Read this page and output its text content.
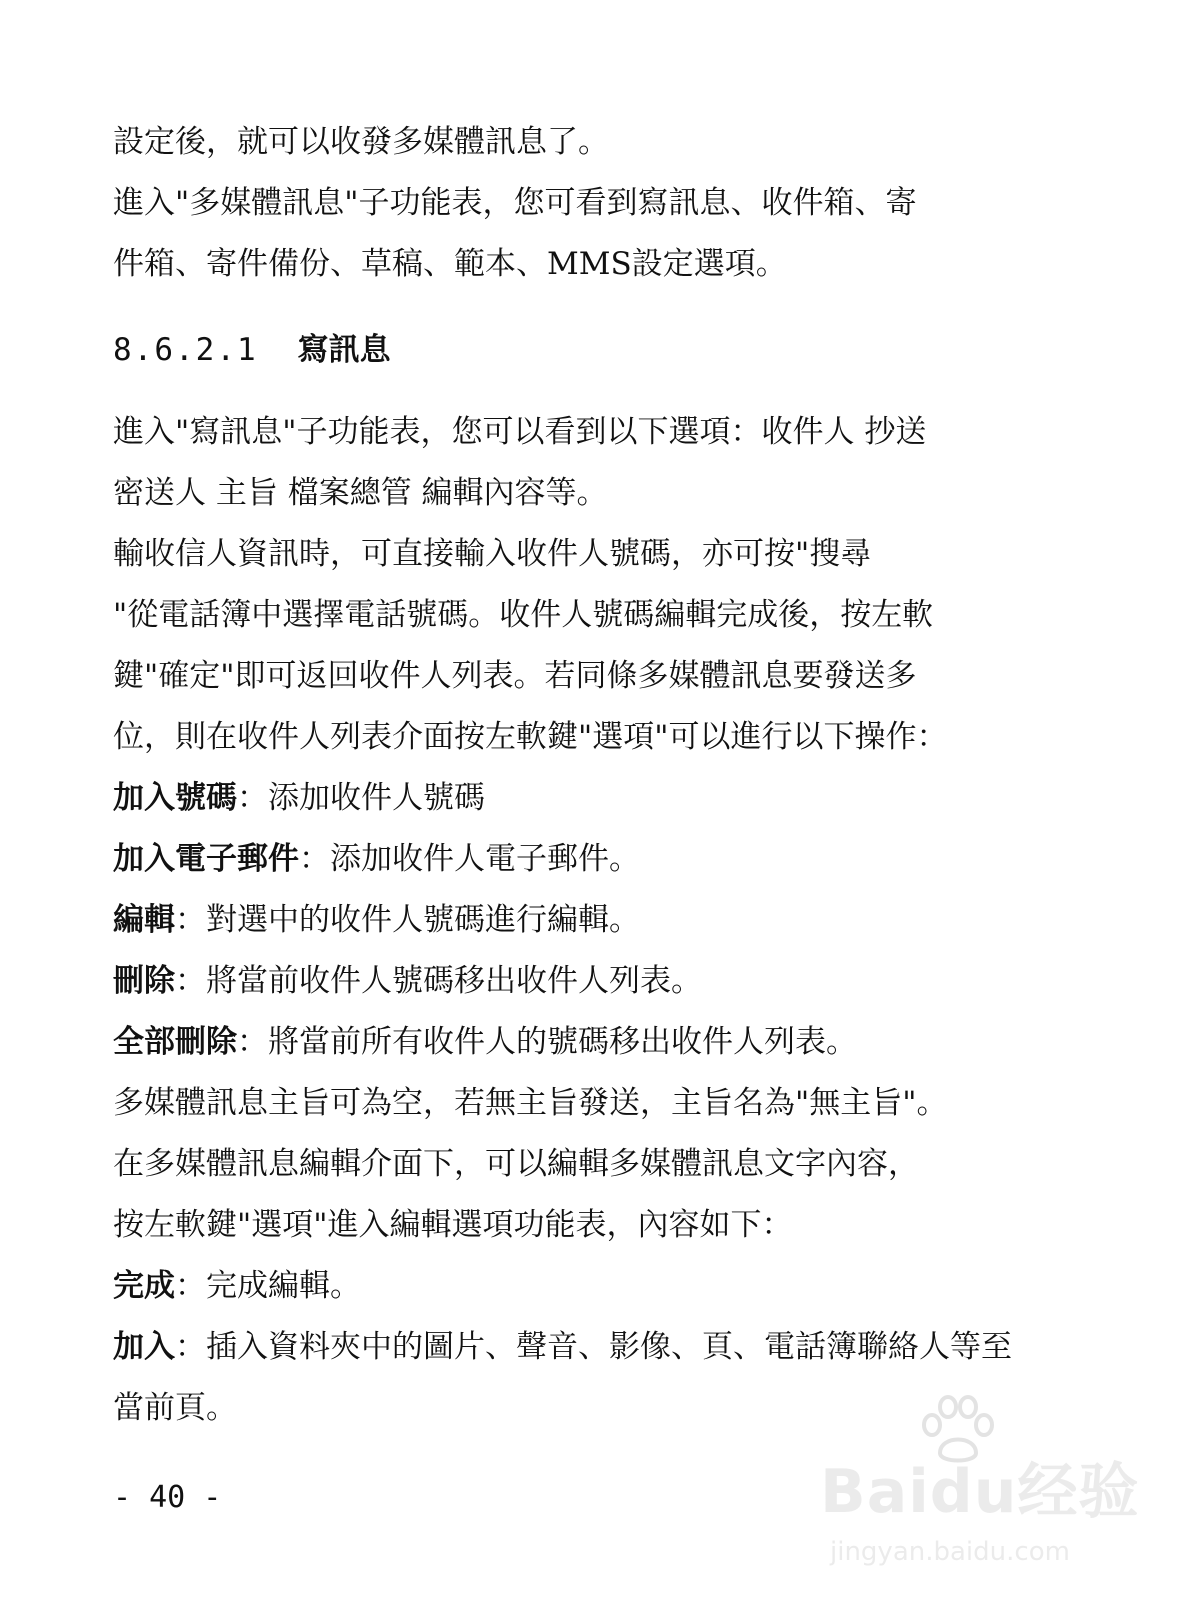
設定後，就可以收發多媒體訊息了。
進入"多媒體訊息"子功能表，您可看到寫訊息、收件箱、寄
件箱、寄件備份、草稿、範本、MMS設定選項。
8.6.2.1 寫訊息
進入"寫訊息"子功能表，您可以看到以下選項：收件人 抄送
密送人 主旨 檔案總管 編輯內容等。
輸收信人資訊時，可直接輸入收件人號碼，亦可按"搜尋
"從電話簿中選擇電話號碼。收件人號碼編輯完成後，按左軟
鍵"確定"即可返回收件人列表。若同條多媒體訊息要發送多
位，則在收件人列表介面按左軟鍵"選項"可以進行以下操作：
加入號碼：添加收件人號碼
加入電子郵件：添加收件人電子郵件。
編輯：對選中的收件人號碼進行編輯。
刪除：將當前收件人號碼移出收件人列表。
全部刪除：將當前所有收件人的號碼移出收件人列表。
多媒體訊息主旨可為空，若無主旨發送，主旨名為"無主旨"。
在多媒體訊息編輯介面下，可以編輯多媒體訊息文字內容，
按左軟鍵"選項"進入編輯選項功能表，內容如下：
完成：完成編輯。
加入：插入資料夾中的圖片、聲音、影像、頁、電話簿聯絡人等至
當前頁。
- 40 -	Baidu经验
jingyan.baidu.com
